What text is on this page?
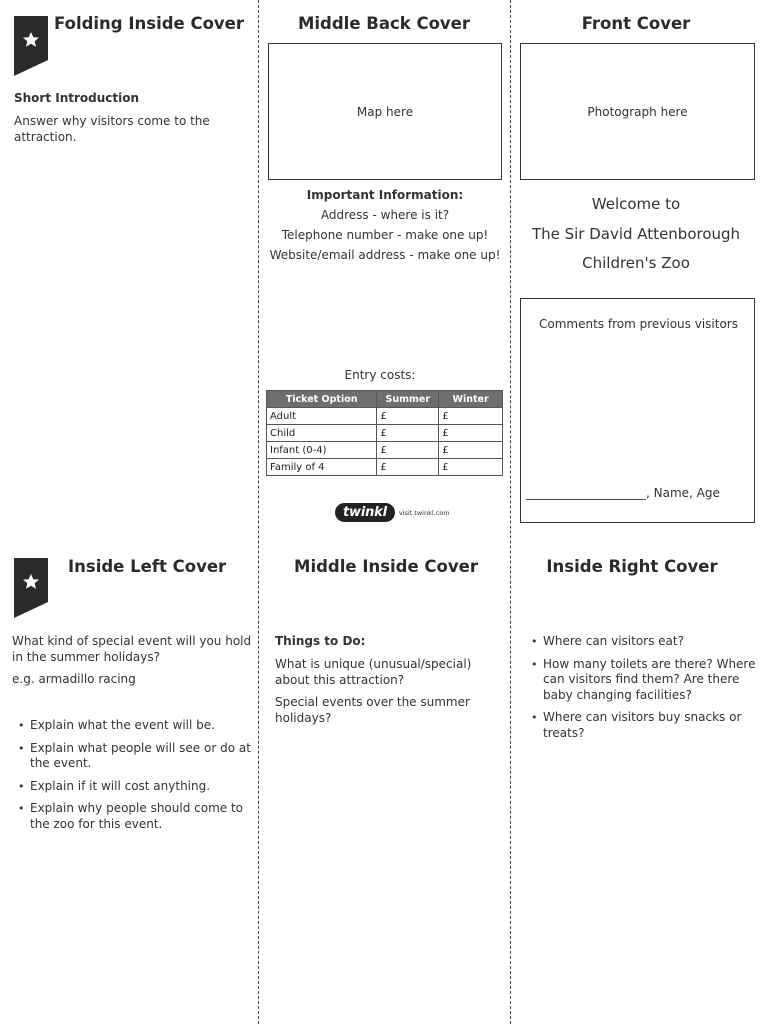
Folding Inside Cover
Short Introduction
Answer why visitors come to the attraction.
Middle Back Cover
Map here
Important Information:
Address - where is it?
Telephone number - make one up!
Website/email address - make one up!
Entry costs:
Ticket Option	Summer	Winter
Adult	£	£
Child	£	£
Infant (0-4)	£	£
Family of 4	£	£
twinkl	visit twinkl.com
Front Cover
Photograph here
Welcome to
The Sir David Attenborough
Children's Zoo
Comments from previous visitors
____________________, Name, Age
Inside Left Cover
What kind of special event will you hold in the summer holidays?
e.g. armadillo racing
• Explain what the event will be.
• Explain what people will see or do at the event.
• Explain if it will cost anything.
• Explain why people should come to the zoo for this event.
Middle Inside Cover
Things to Do:
What is unique (unusual/special) about this attraction?
Special events over the summer holidays?
Inside Right Cover
• Where can visitors eat?
• How many toilets are there? Where can visitors find them? Are there baby changing facilities?
• Where can visitors buy snacks or treats?
